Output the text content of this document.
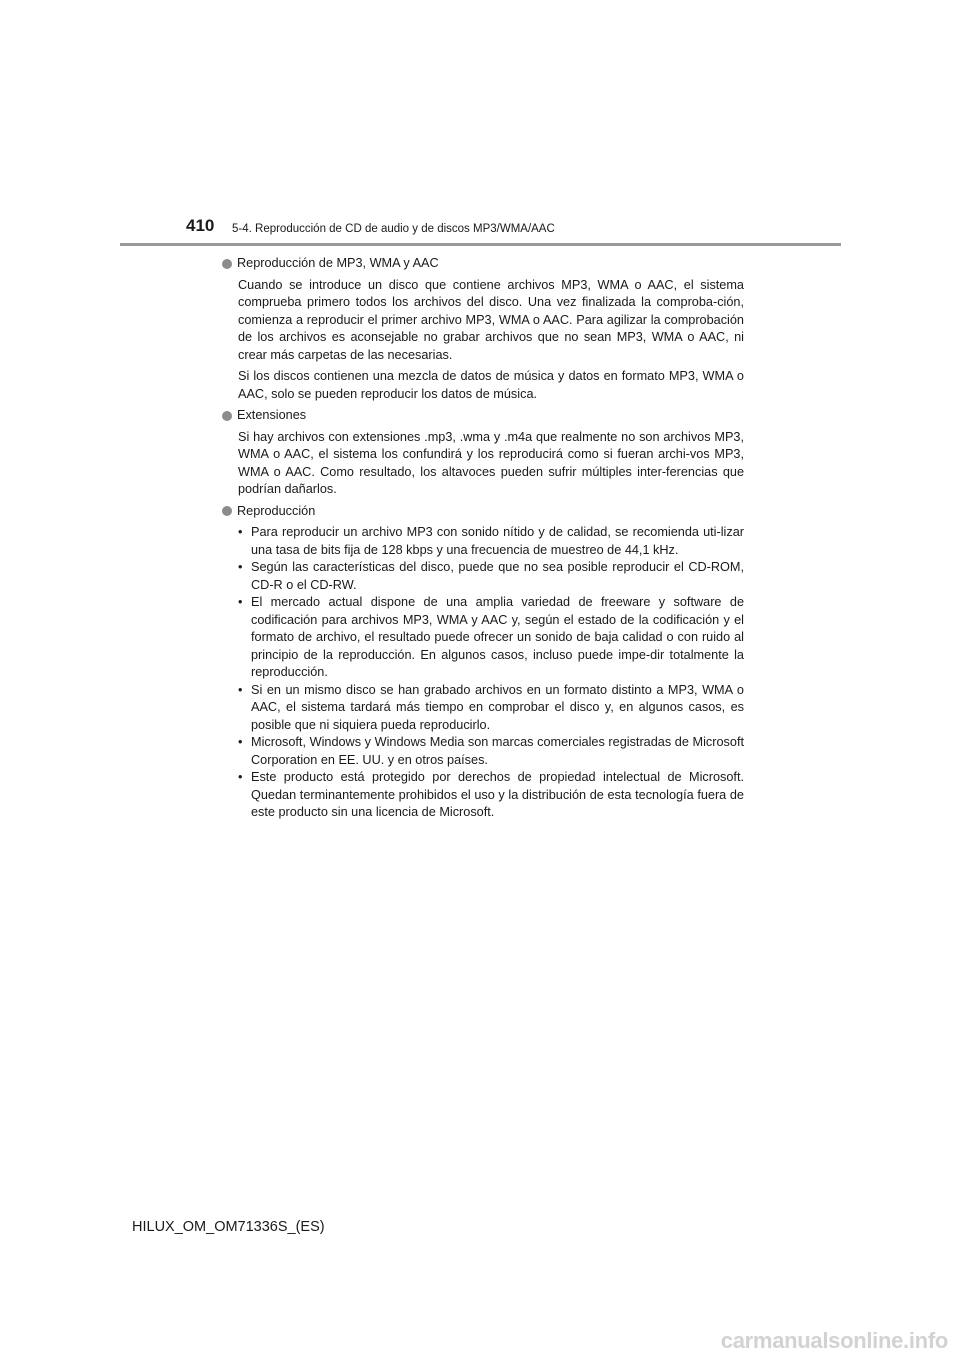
410 5-4. Reproducción de CD de audio y de discos MP3/WMA/AAC
Reproducción de MP3, WMA y AAC

Cuando se introduce un disco que contiene archivos MP3, WMA o AAC, el sistema comprueba primero todos los archivos del disco. Una vez finalizada la comproba-ción, comienza a reproducir el primer archivo MP3, WMA o AAC. Para agilizar la comprobación de los archivos es aconsejable no grabar archivos que no sean MP3, WMA o AAC, ni crear más carpetas de las necesarias.

Si los discos contienen una mezcla de datos de música y datos en formato MP3, WMA o AAC, solo se pueden reproducir los datos de música.

Extensiones

Si hay archivos con extensiones .mp3, .wma y .m4a que realmente no son archivos MP3, WMA o AAC, el sistema los confundirá y los reproducirá como si fueran archi-vos MP3, WMA o AAC. Como resultado, los altavoces pueden sufrir múltiples inter-ferencias que podrían dañarlos.

Reproducción
• Para reproducir un archivo MP3 con sonido nítido y de calidad, se recomienda uti-lizar una tasa de bits fija de 128 kbps y una frecuencia de muestreo de 44,1 kHz.
• Según las características del disco, puede que no sea posible reproducir el CD-ROM, CD-R o el CD-RW.
• El mercado actual dispone de una amplia variedad de freeware y software de codificación para archivos MP3, WMA y AAC y, según el estado de la codificación y el formato de archivo, el resultado puede ofrecer un sonido de baja calidad o con ruido al principio de la reproducción. En algunos casos, incluso puede impe-dir totalmente la reproducción.
• Si en un mismo disco se han grabado archivos en un formato distinto a MP3, WMA o AAC, el sistema tardará más tiempo en comprobar el disco y, en algunos casos, es posible que ni siquiera pueda reproducirlo.
• Microsoft, Windows y Windows Media son marcas comerciales registradas de Microsoft Corporation en EE. UU. y en otros países.
• Este producto está protegido por derechos de propiedad intelectual de Microsoft. Quedan terminantemente prohibidos el uso y la distribución de esta tecnología fuera de este producto sin una licencia de Microsoft.
HILUX_OM_OM71336S_(ES)
carmanualsonline.info
